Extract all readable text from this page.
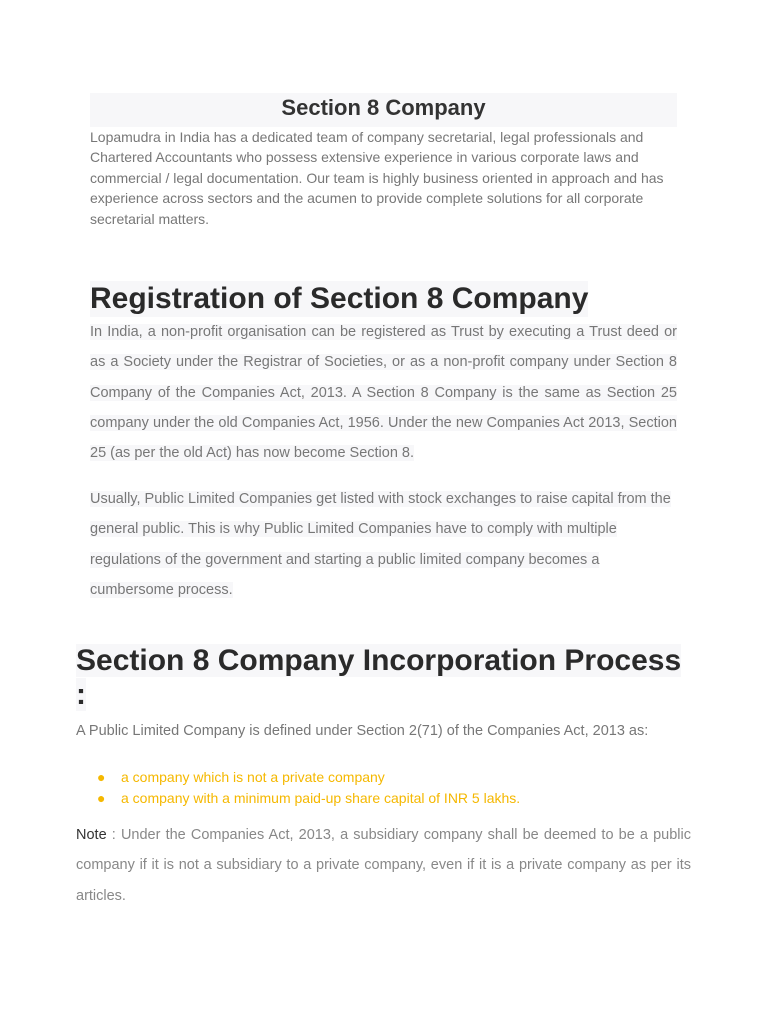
Section 8 Company

Lopamudra in India has a dedicated team of company secretarial, legal professionals and Chartered Accountants who possess extensive experience in various corporate laws and commercial / legal documentation. Our team is highly business oriented in approach and has experience across sectors and the acumen to provide complete solutions for all corporate secretarial matters.

Registration of Section 8 Company

In India, a non-profit organisation can be registered as Trust by executing a Trust deed or as a Society under the Registrar of Societies, or as a non-profit company under Section 8 Company of the Companies Act, 2013. A Section 8 Company is the same as Section 25 company under the old Companies Act, 1956. Under the new Companies Act 2013, Section 25 (as per the old Act) has now become Section 8.

Usually, Public Limited Companies get listed with stock exchanges to raise capital from the general public. This is why Public Limited Companies have to comply with multiple regulations of the government and starting a public limited company becomes a cumbersome process.

Section 8 Company Incorporation Process :

A Public Limited Company is defined under Section 2(71) of the Companies Act, 2013 as:

● a company which is not a private company
● a company with a minimum paid-up share capital of INR 5 lakhs.

Note : Under the Companies Act, 2013, a subsidiary company shall be deemed to be a public company if it is not a subsidiary to a private company, even if it is a private company as per its articles.
